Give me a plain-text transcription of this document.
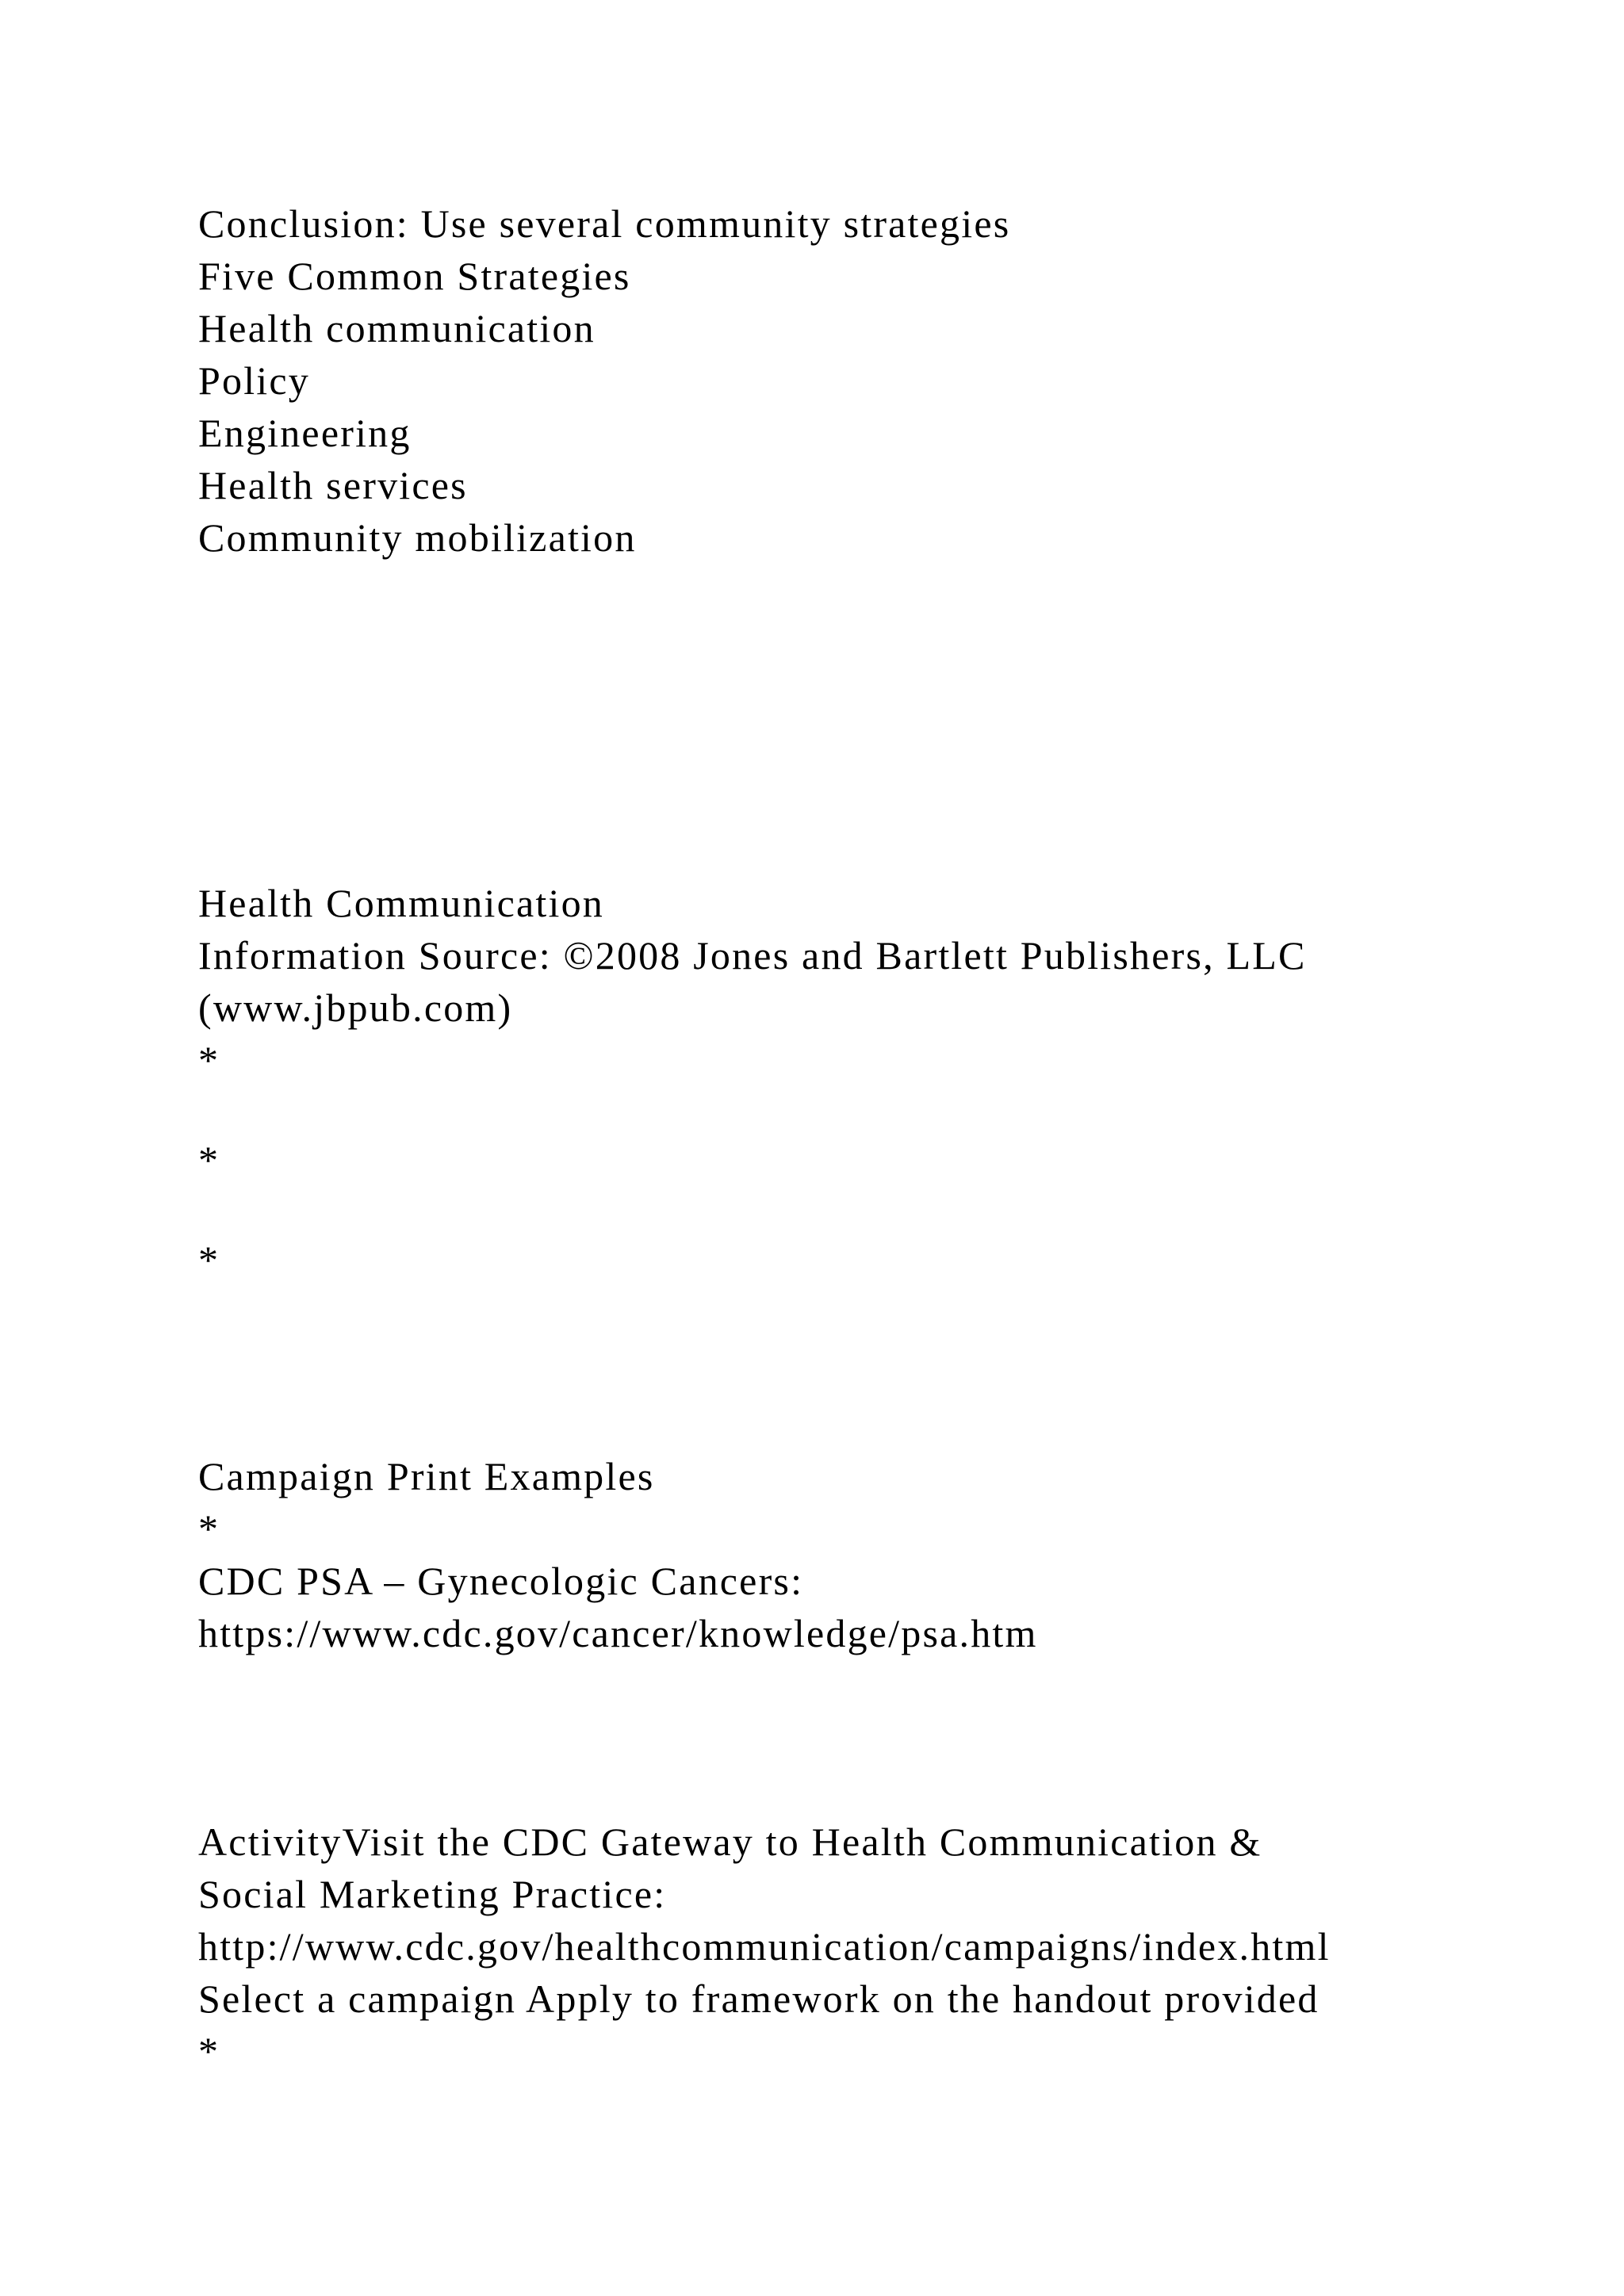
Conclusion: Use several community strategies

Five Common Strategies

Health communication

Policy

Engineering

Health services

Community mobilization

Health Communication

Information Source: ©2008 Jones and Bartlett Publishers, LLC

(www.jbpub.com)

*

*

*

Campaign Print Examples

*

CDC PSA – Gynecologic Cancers:

https://www.cdc.gov/cancer/knowledge/psa.htm

ActivityVisit the CDC Gateway to Health Communication &

Social Marketing Practice:

http://www.cdc.gov/healthcommunication/campaigns/index.html

Select a campaign Apply to framework on the handout provided

*
